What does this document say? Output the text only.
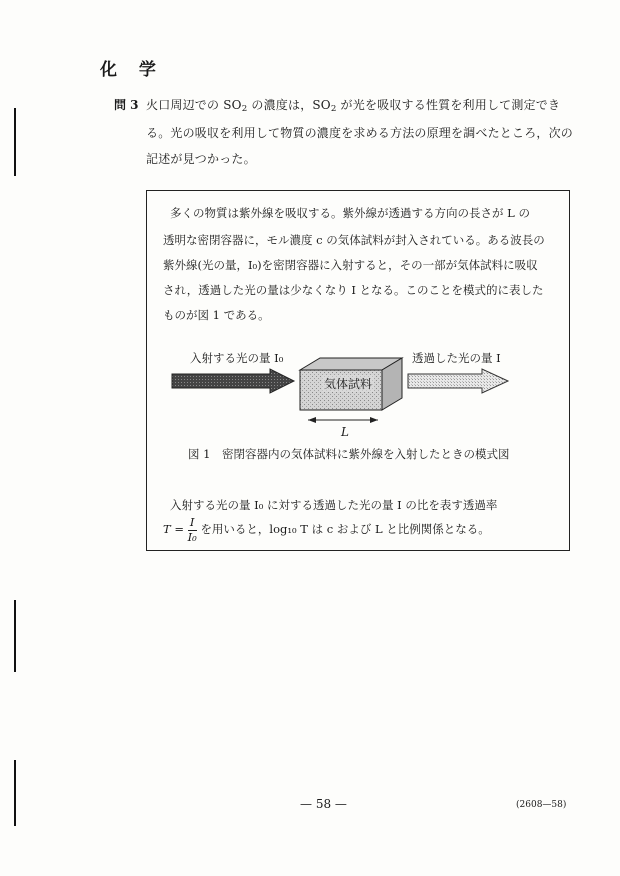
化 学
問 3 火口周辺での $SO_2$ の濃度は，$SO_2$ が光を吸収する性質を利用して測定でき
る。光の吸収を利用して物質の濃度を求める方法の原理を調べたところ，次の
記述が見つかった。
多くの物質は紫外線を吸収する。紫外線が透過する方向の長さが L の
透明な密閉容器に，モル濃度 c の気体試料が封入されている。ある波長の
紫外線(光の量，I₀)を密閉容器に入射すると，その一部が気体試料に吸収
され，透過した光の量は少なくなり I となる。このことを模式的に表した
ものが図 1 である。
入射する光の量 I₀	透過した光の量 I
気体試料
L
図 1　密閉容器内の気体試料に紫外線を入射したときの模式図
入射する光の量 I₀ に対する透過した光の量 I の比を表す透過率
$T = \frac{I}{\text{I₀}}$ を用いると，log₁₀ T は c および L と比例関係となる。
— 58 —	(2608—58)
